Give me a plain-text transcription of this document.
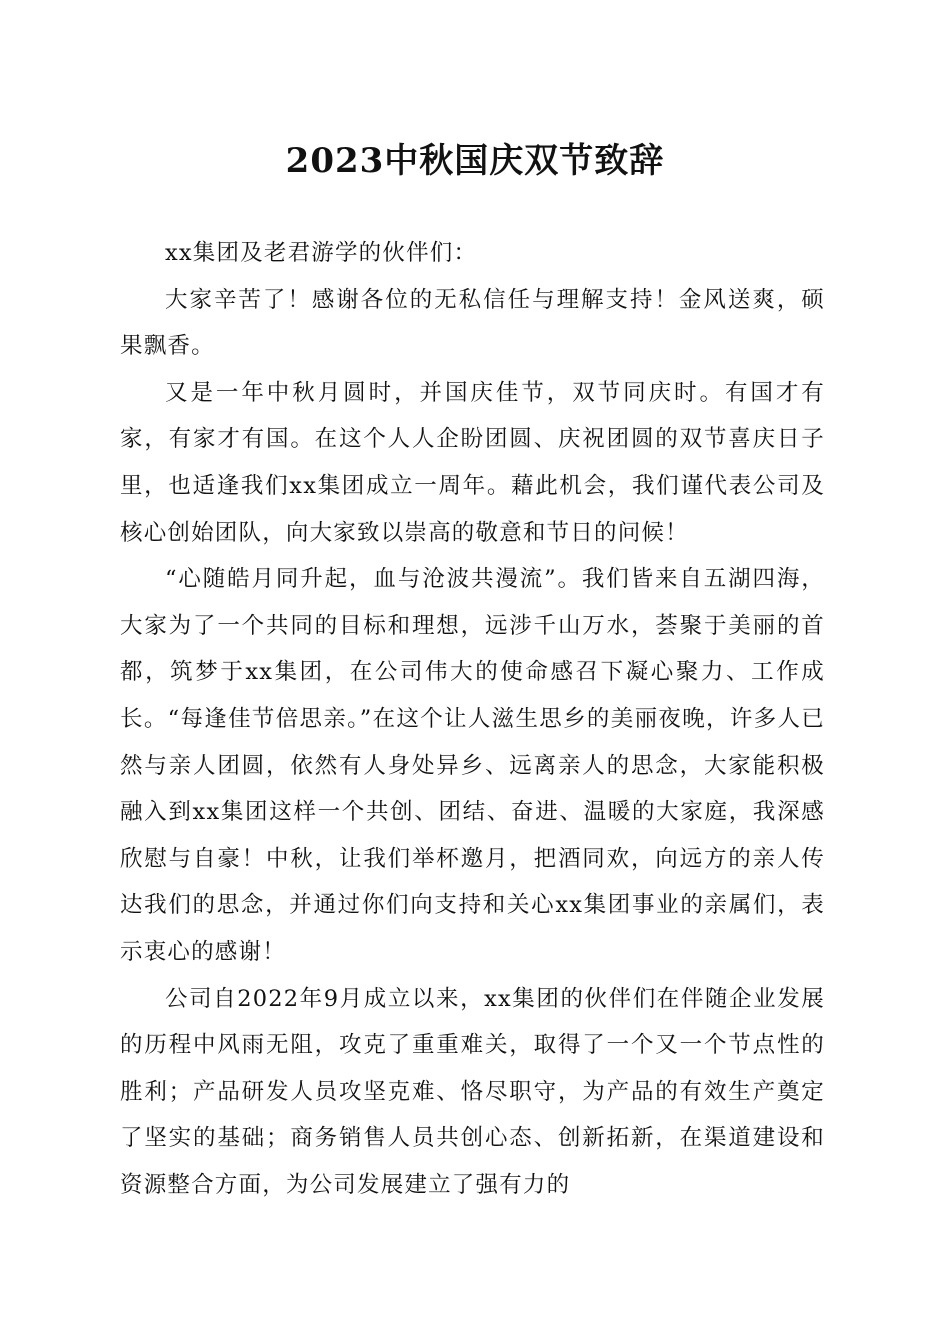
2023中秋国庆双节致辞

xx集团及老君游学的伙伴们：

大家辛苦了！感谢各位的无私信任与理解支持！金风送爽，硕果飘香。

又是一年中秋月圆时，并国庆佳节，双节同庆时。有国才有家，有家才有国。在这个人人企盼团圆、庆祝团圆的双节喜庆日子里，也适逢我们xx集团成立一周年。藉此机会，我们谨代表公司及核心创始团队，向大家致以崇高的敬意和节日的问候！

“心随皓月同升起，血与沧波共漫流”。我们皆来自五湖四海，大家为了一个共同的目标和理想，远涉千山万水，荟聚于美丽的首都，筑梦于xx集团，在公司伟大的使命感召下凝心聚力、工作成长。“每逢佳节倍思亲。”在这个让人滋生思乡的美丽夜晚，许多人已然与亲人团圆，依然有人身处异乡、远离亲人的思念，大家能积极融入到xx集团这样一个共创、团结、奋进、温暖的大家庭，我深感欣慰与自豪！中秋，让我们举杯邀月，把酒同欢，向远方的亲人传达我们的思念，并通过你们向支持和关心xx集团事业的亲属们，表示衷心的感谢！

公司自2022年9月成立以来，xx集团的伙伴们在伴随企业发展的历程中风雨无阻，攻克了重重难关，取得了一个又一个节点性的胜利；产品研发人员攻坚克难、恪尽职守，为产品的有效生产奠定了坚实的基础；商务销售人员共创心态、创新拓新，在渠道建设和资源整合方面，为公司发展建立了强有力的
